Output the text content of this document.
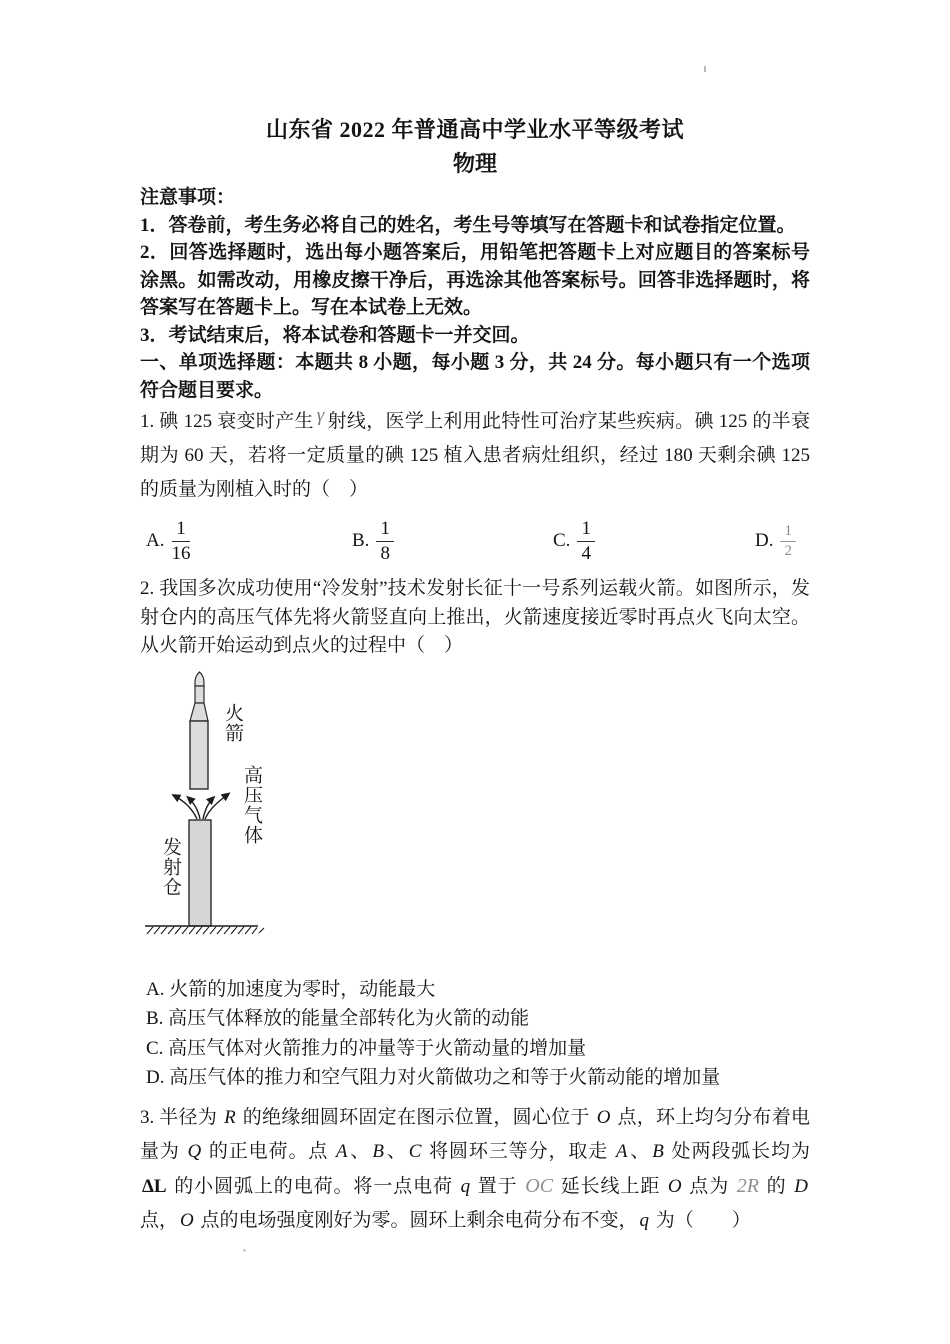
山东省 2022 年普通高中学业水平等级考试
物理

注意事项：

1．答卷前，考生务必将自己的姓名，考生号等填写在答题卡和试卷指定位置。

2．回答选择题时，选出每小题答案后，用铅笔把答题卡上对应题目的答案标号涂黑。如需改动，用橡皮擦干净后，再选涂其他答案标号。回答非选择题时，将答案写在答题卡上。写在本试卷上无效。

3．考试结束后，将本试卷和答题卡一并交回。

一、单项选择题：本题共 8 小题，每小题 3 分，共 24 分。每小题只有一个选项符合题目要求。

1. 碘 125 衰变时产生 γ 射线，医学上利用此特性可治疗某些疾病。碘 125 的半衰期为 60 天，若将一定质量的碘 125 植入患者病灶组织，经过 180 天剩余碘 125 的质量为刚植入时的（　）

A. $\frac{1}{16}$	B. $\frac{1}{8}$	C. $\frac{1}{4}$	D. $\frac{1}{2}$

2. 我国多次成功使用“冷发射”技术发射长征十一号系列运载火箭。如图所示，发射仓内的高压气体先将火箭竖直向上推出，火箭速度接近零时再点火飞向太空。从火箭开始运动到点火的过程中（　）

火箭
高压气体
发射仓

A. 火箭的加速度为零时，动能最大

B. 高压气体释放的能量全部转化为火箭的动能

C. 高压气体对火箭推力的冲量等于火箭动量的增加量

D. 高压气体的推力和空气阻力对火箭做功之和等于火箭动能的增加量

3. 半径为 R 的绝缘细圆环固定在图示位置，圆心位于 O 点，环上均匀分布着电量为 Q 的正电荷。点 A 、 B 、 C 将圆环三等分，取走 A 、 B 处两段弧长均为 ΔL 的小圆弧上的电荷。将一点电荷 q 置于 OC 延长线上距 O 点为 2R 的 D 点， O 点的电场强度刚好为零。圆环上剩余电荷分布不变， q 为（　　）
